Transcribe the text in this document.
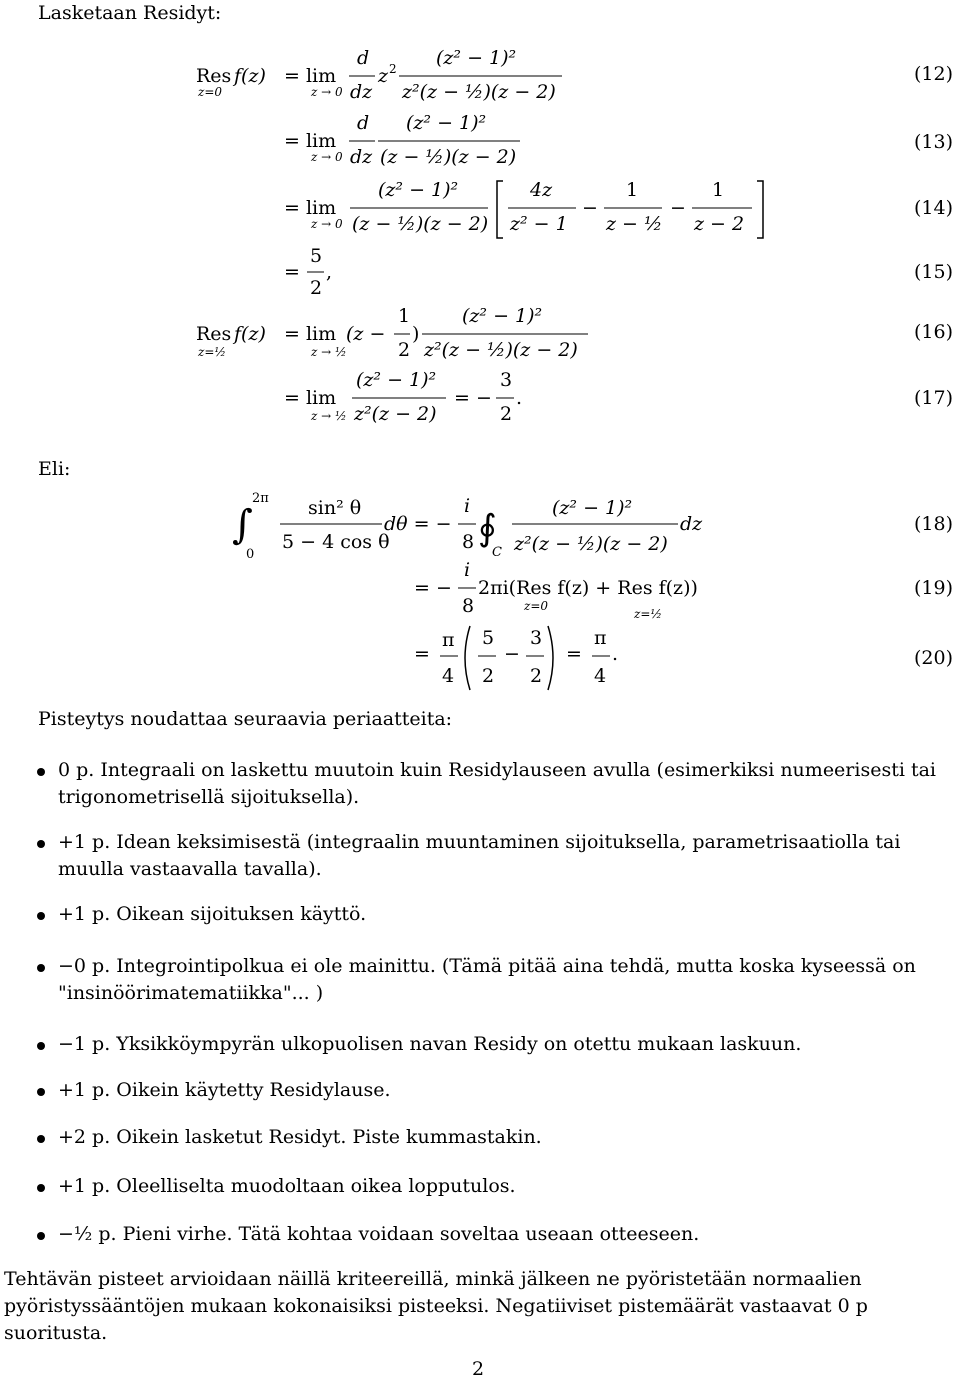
Lasketaan Residyt:
Res
z=0
f(z) = lim
z → 0
d
dz
z 2 (z² − 1)²
z²(z − ½)(z − 2)
= lim
z → 0
d
dz
(z² − 1)²
(z − ½)(z − 2)
= lim
z → 0
(z² − 1)²
(z − ½)(z − 2)
4z
z² − 1
−
1
z − ½
−
1
z − 2
=
5
2
,
Res
z=½
f(z) = lim
z → ½
(z −
1
2
)
(z² − 1)²
z²(z − ½)(z − 2)
= lim
z → ½
(z² − 1)²
z²(z − 2)
= −
3
2
.
∫
2π
0
sin² θ
5 − 4 cos θ
dθ = −
i
8 ∮
C
(z² − 1)²
z²(z − ½)(z − 2)
dz
= −
i
8
2πi(Res f(z) + Res f(z))
z=0
z=½
=
π
4
5
2
−
3
2
=
π
4
.
(12)
(13)
(14)
(15)
(16)
(17)
(18)
(19)
(20)
Eli:
Pisteytys noudattaa seuraavia periaatteita:
0 p. Integraali on laskettu muutoin kuin Residylauseen avulla (esimerkiksi numeerisesti tai trigonometrisellä sijoituksella).
+1 p. Idean keksimisestä (integraalin muuntaminen sijoituksella, parametrisaatiolla tai muulla vastaavalla tavalla).
+1 p. Oikean sijoituksen käyttö.
−0 p. Integrointipolkua ei ole mainittu. (Tämä pitää aina tehdä, mutta koska kyseessä on "insinöörimatematiikka"... )
−1 p. Yksikköympyrän ulkopuolisen navan Residy on otettu mukaan laskuun.
+1 p. Oikein käytetty Residylause.
+2 p. Oikein lasketut Residyt. Piste kummastakin.
+1 p. Oleelliselta muodoltaan oikea lopputulos.
−½ p. Pieni virhe. Tätä kohtaa voidaan soveltaa useaan otteeseen.
Tehtävän pisteet arvioidaan näillä kriteereillä, minkä jälkeen ne pyöristetään normaalien pyöristyssääntöjen mukaan kokonaisiksi pisteeksi. Negatiiviset pistemäärät vastaavat 0 p suoritusta.
2
